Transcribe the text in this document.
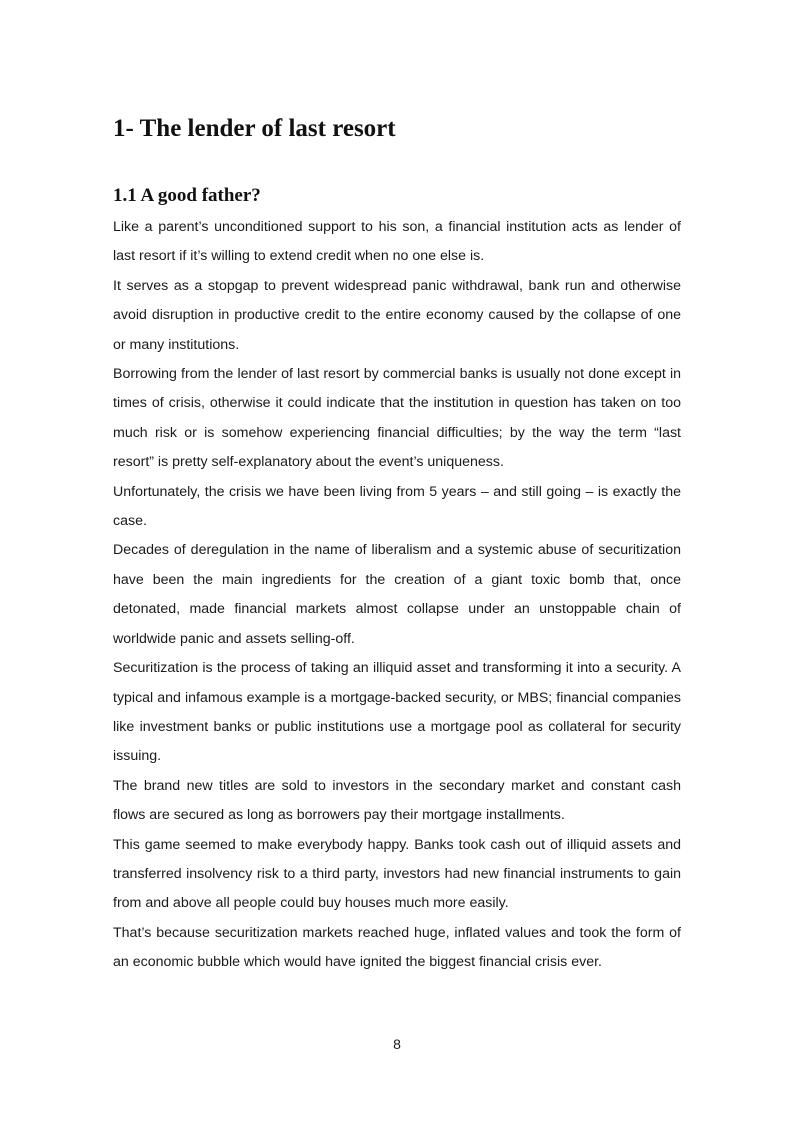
1- The lender of last resort
1.1 A good father?

Like a parent’s unconditioned support to his son, a financial institution acts as lender of last resort if it’s willing to extend credit when no one else is.

It serves as a stopgap to prevent widespread panic withdrawal, bank run and otherwise avoid disruption in productive credit to the entire economy caused by the collapse of one or many institutions.

Borrowing from the lender of last resort by commercial banks is usually not done except in times of crisis, otherwise it could indicate that the institution in question has taken on too much risk or is somehow experiencing financial difficulties; by the way the term “last resort” is pretty self-explanatory about the event’s uniqueness.

Unfortunately, the crisis we have been living from 5 years – and still going – is exactly the case.

Decades of deregulation in the name of liberalism and a systemic abuse of securitization have been the main ingredients for the creation of a giant toxic bomb that, once detonated, made financial markets almost collapse under an unstoppable chain of worldwide panic and assets selling-off.

Securitization is the process of taking an illiquid asset and transforming it into a security. A typical and infamous example is a mortgage-backed security, or MBS; financial companies like investment banks or public institutions use a mortgage pool as collateral for security issuing.

The brand new titles are sold to investors in the secondary market and constant cash flows are secured as long as borrowers pay their mortgage installments.

This game seemed to make everybody happy. Banks took cash out of illiquid assets and transferred insolvency risk to a third party, investors had new financial instruments to gain from and above all people could buy houses much more easily.

That’s because securitization markets reached huge, inflated values and took the form of an economic bubble which would have ignited the biggest financial crisis ever.

8
